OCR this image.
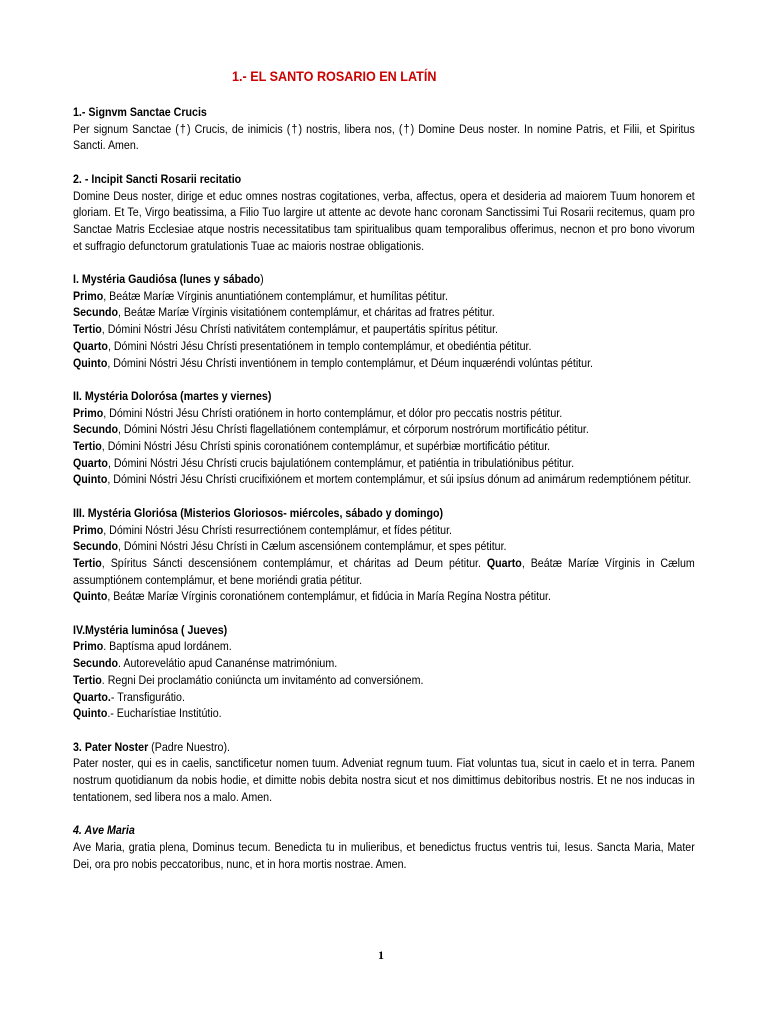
1.- EL SANTO ROSARIO EN LATÍN
1.- Signvm Sanctae Crucis
Per signum Sanctae (†) Crucis, de inimicis (†) nostris, libera nos, (†) Domine Deus noster. In nomine Patris, et Filii, et Spiritus Sancti. Amen.
2. - Incipit Sancti Rosarii recitatio
Domine Deus noster, dirige et educ omnes nostras cogitationes, verba, affectus, opera et desideria ad maiorem Tuum honorem et gloriam. Et Te, Virgo beatissima, a Filio Tuo largire ut attente ac devote hanc coronam Sanctissimi Tui Rosarii recitemus, quam pro Sanctae Matris Ecclesiae atque nostris necessitatibus tam spiritualibus quam temporalibus offerimus, necnon et pro bono vivorum et suffragio defunctorum gratulationis Tuae ac maioris nostrae obligationis.
I. Mystéria Gaudiósa (lunes y sábado)
Primo, Beátæ Maríæ Vírginis anuntiatiónem contemplámur, et humílitas pétitur.
Secundo, Beátæ Maríæ Vírginis visitatiónem contemplámur, et cháritas ad fratres pétitur.
Tertio, Dómini Nóstri Jésu Chrísti nativitátem contemplámur, et paupertátis spíritus pétitur.
Quarto, Dómini Nóstri Jésu Chrísti presentatiónem in templo contemplámur, et obediéntia pétitur.
Quinto, Dómini Nóstri Jésu Chrísti inventiónem in templo contemplámur, et Déum inquæréndi volúntas pétitur.
II. Mystéria Dolorósa (martes y viernes)
Primo, Dómini Nóstri Jésu Chrísti oratiónem in horto contemplámur, et dólor pro peccatis nostris pétitur.
Secundo, Dómini Nóstri Jésu Chrísti flagellatiónem contemplámur, et córporum nostrórum mortificátio pétitur.
Tertio, Dómini Nóstri Jésu Chrísti spinis coronatiónem contemplámur, et supérbiæ mortificátio pétitur.
Quarto, Dómini Nóstri Jésu Chrísti crucis bajulatiónem contemplámur, et patiéntia in tribulatiónibus pétitur.
Quinto, Dómini Nóstri Jésu Chrísti crucifixiónem et mortem contemplámur, et súi ipsíus dónum ad animárum redemptiónem pétitur.
III. Mystéria Gloriósa (Misterios Gloriosos- miércoles, sábado y domingo)
Primo, Dómini Nóstri Jésu Chrísti resurrectiónem contemplámur, et fídes pétitur.
Secundo, Dómini Nóstri Jésu Chrísti in Cælum ascensiónem contemplámur, et spes pétitur.
Tertio, Spíritus Sáncti descensiónem contemplámur, et cháritas ad Deum pétitur. Quarto, Beátæ Maríæ Vírginis in Cælum assumptiónem contemplámur, et bene moriéndi gratia pétitur.
Quinto, Beátæ Maríæ Vírginis coronatiónem contemplámur, et fidúcia in María Regína Nostra pétitur.
IV.Mystéria luminósa ( Jueves)
Primo. Baptísma apud Iordánem.
Secundo. Autorevelátio apud Cananénse matrimónium.
Tertio. Regni Dei proclamátio coniúncta um invitaménto ad conversiónem.
Quarto.- Transfigurátio.
Quinto.- Eucharístiae Institútio.
3. Pater Noster (Padre Nuestro).
Pater noster, qui es in caelis, sanctificetur nomen tuum. Adveniat regnum tuum. Fiat voluntas tua, sicut in caelo et in terra. Panem nostrum quotidianum da nobis hodie, et dimitte nobis debita nostra sicut et nos dimittimus debitoribus nostris. Et ne nos inducas in tentationem, sed libera nos a malo. Amen.
4. Ave Maria
Ave Maria, gratia plena, Dominus tecum. Benedicta tu in mulieribus, et benedictus fructus ventris tui, Iesus. Sancta Maria, Mater Dei, ora pro nobis peccatoribus, nunc, et in hora mortis nostrae. Amen.
1
